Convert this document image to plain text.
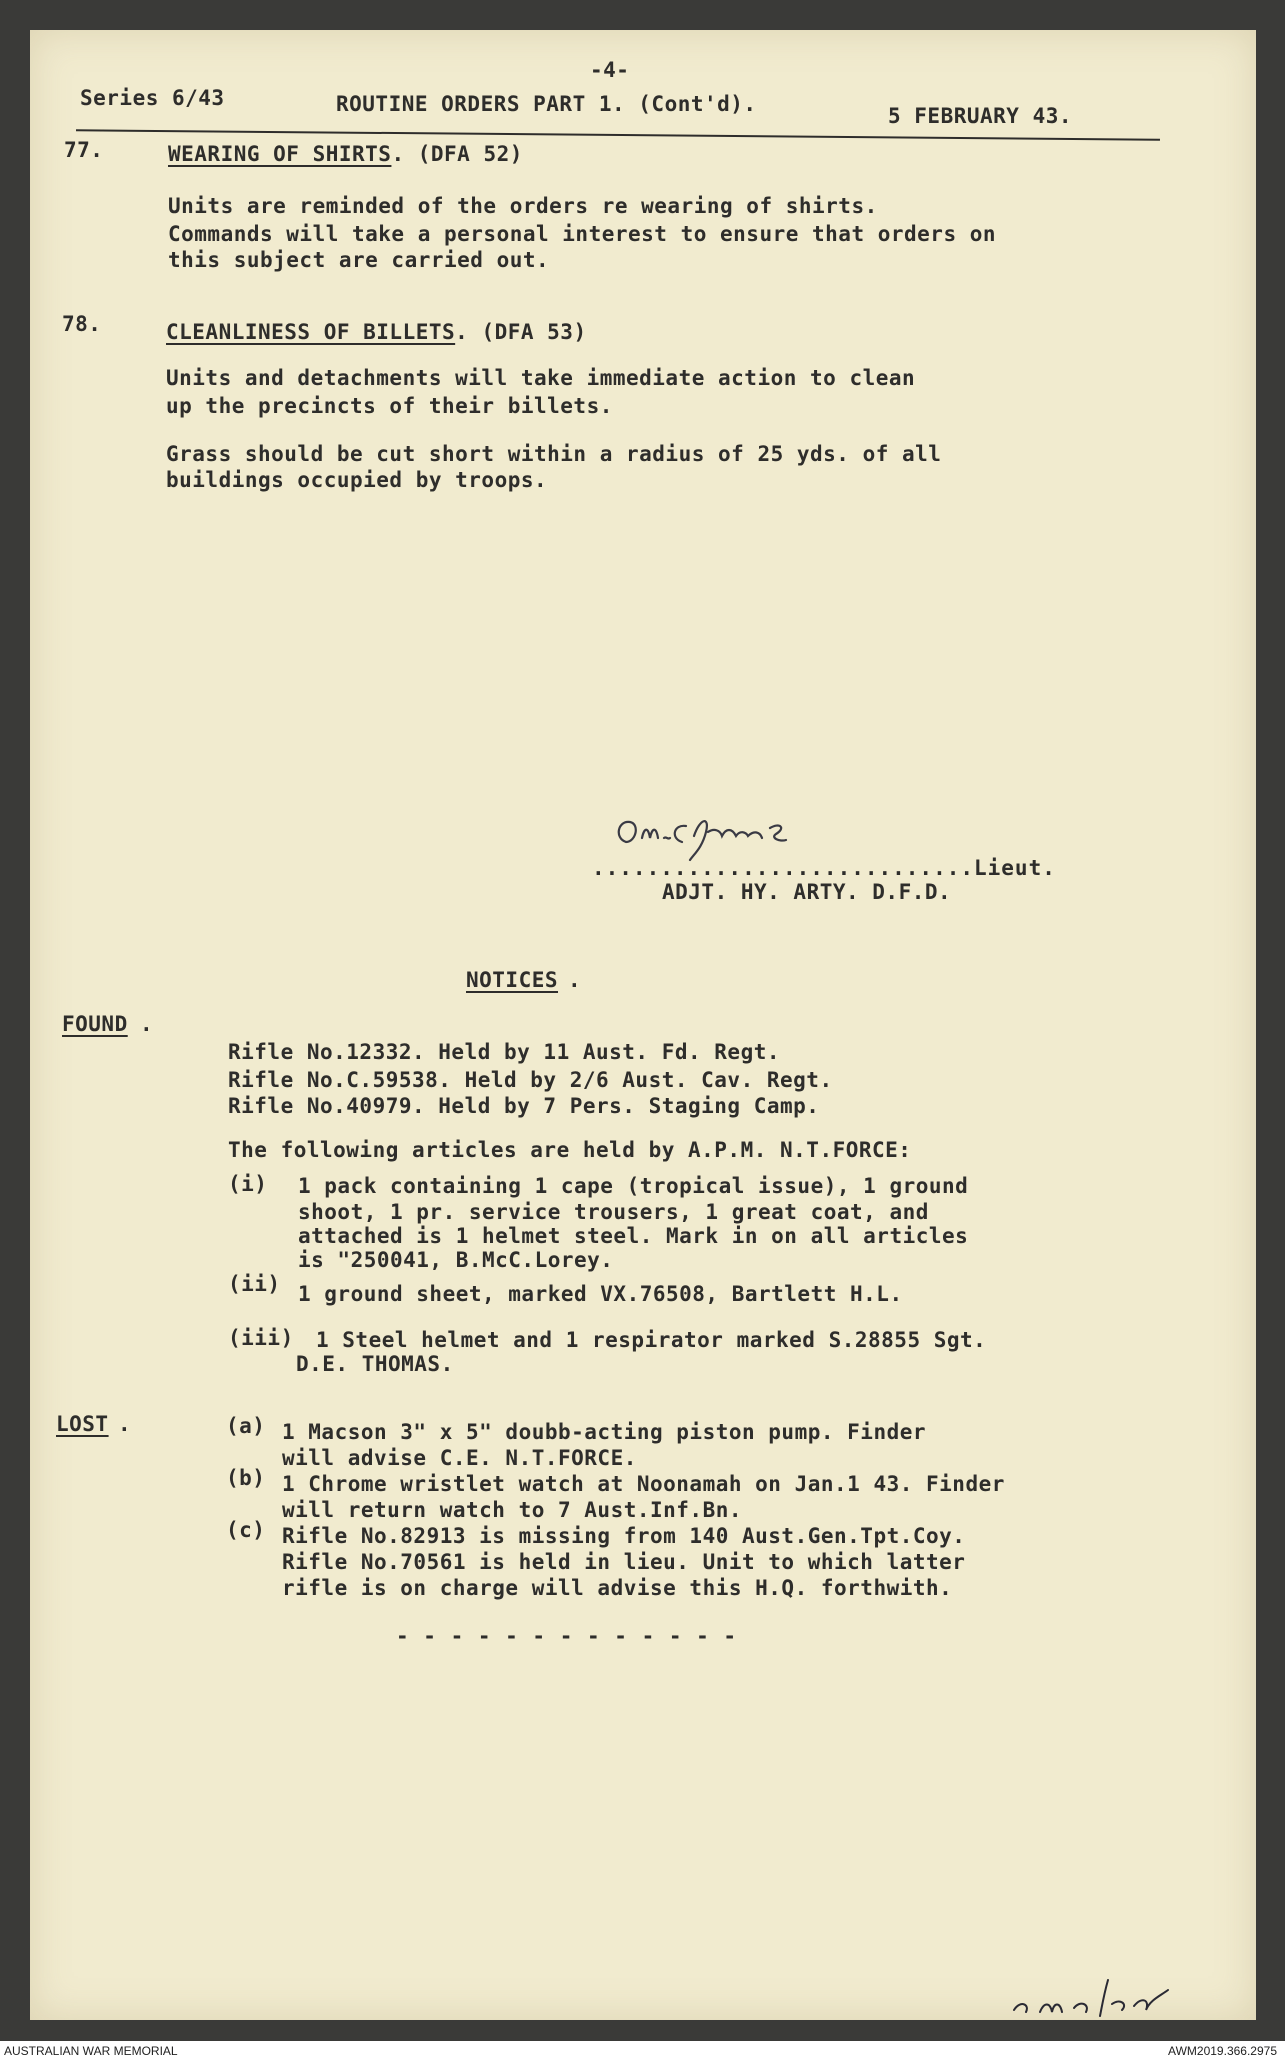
-4-
Series 6/43	ROUTINE ORDERS PART 1. (Cont'd).	5 FEBRUARY 43.
77.	WEARING OF SHIRTS. (DFA 52)
Units are reminded of the orders re wearing of shirts.
Commands will take a personal interest to ensure that orders on
this subject are carried out.
78.	CLEANLINESS OF BILLETS. (DFA 53)
Units and detachments will take immediate action to clean
up the precincts of their billets.
Grass should be cut short within a radius of 25 yds. of all
buildings occupied by troops.
............................Lieut.
ADJT. HY. ARTY. D.F.D.
NOTICES .
FOUND .
Rifle No.12332. Held by 11 Aust. Fd. Regt.
Rifle No.C.59538. Held by 2/6 Aust. Cav. Regt.
Rifle No.40979. Held by 7 Pers. Staging Camp.
The following articles are held by A.P.M. N.T.FORCE:
(i) 1 pack containing 1 cape (tropical issue), 1 ground
shoot, 1 pr. service trousers, 1 great coat, and
attached is 1 helmet steel. Mark in on all articles
is "250041, B.McC.Lorey.
(ii) 1 ground sheet, marked VX.76508, Bartlett H.L.
(iii) 1 Steel helmet and 1 respirator marked S.28855 Sgt.
D.E. THOMAS.
LOST .	(a) 1 Macson 3" x 5" doubb-acting piston pump. Finder
will advise C.E. N.T.FORCE.
(b) 1 Chrome wristlet watch at Noonamah on Jan.1 43. Finder
will return watch to 7 Aust.Inf.Bn.
(c) Rifle No.82913 is missing from 140 Aust.Gen.Tpt.Coy.
Rifle No.70561 is held in lieu. Unit to which latter
rifle is on charge will advise this H.Q. forthwith.
- - - - - - - - - - - - -
AUSTRALIAN WAR MEMORIAL	AWM2019.366.2975
